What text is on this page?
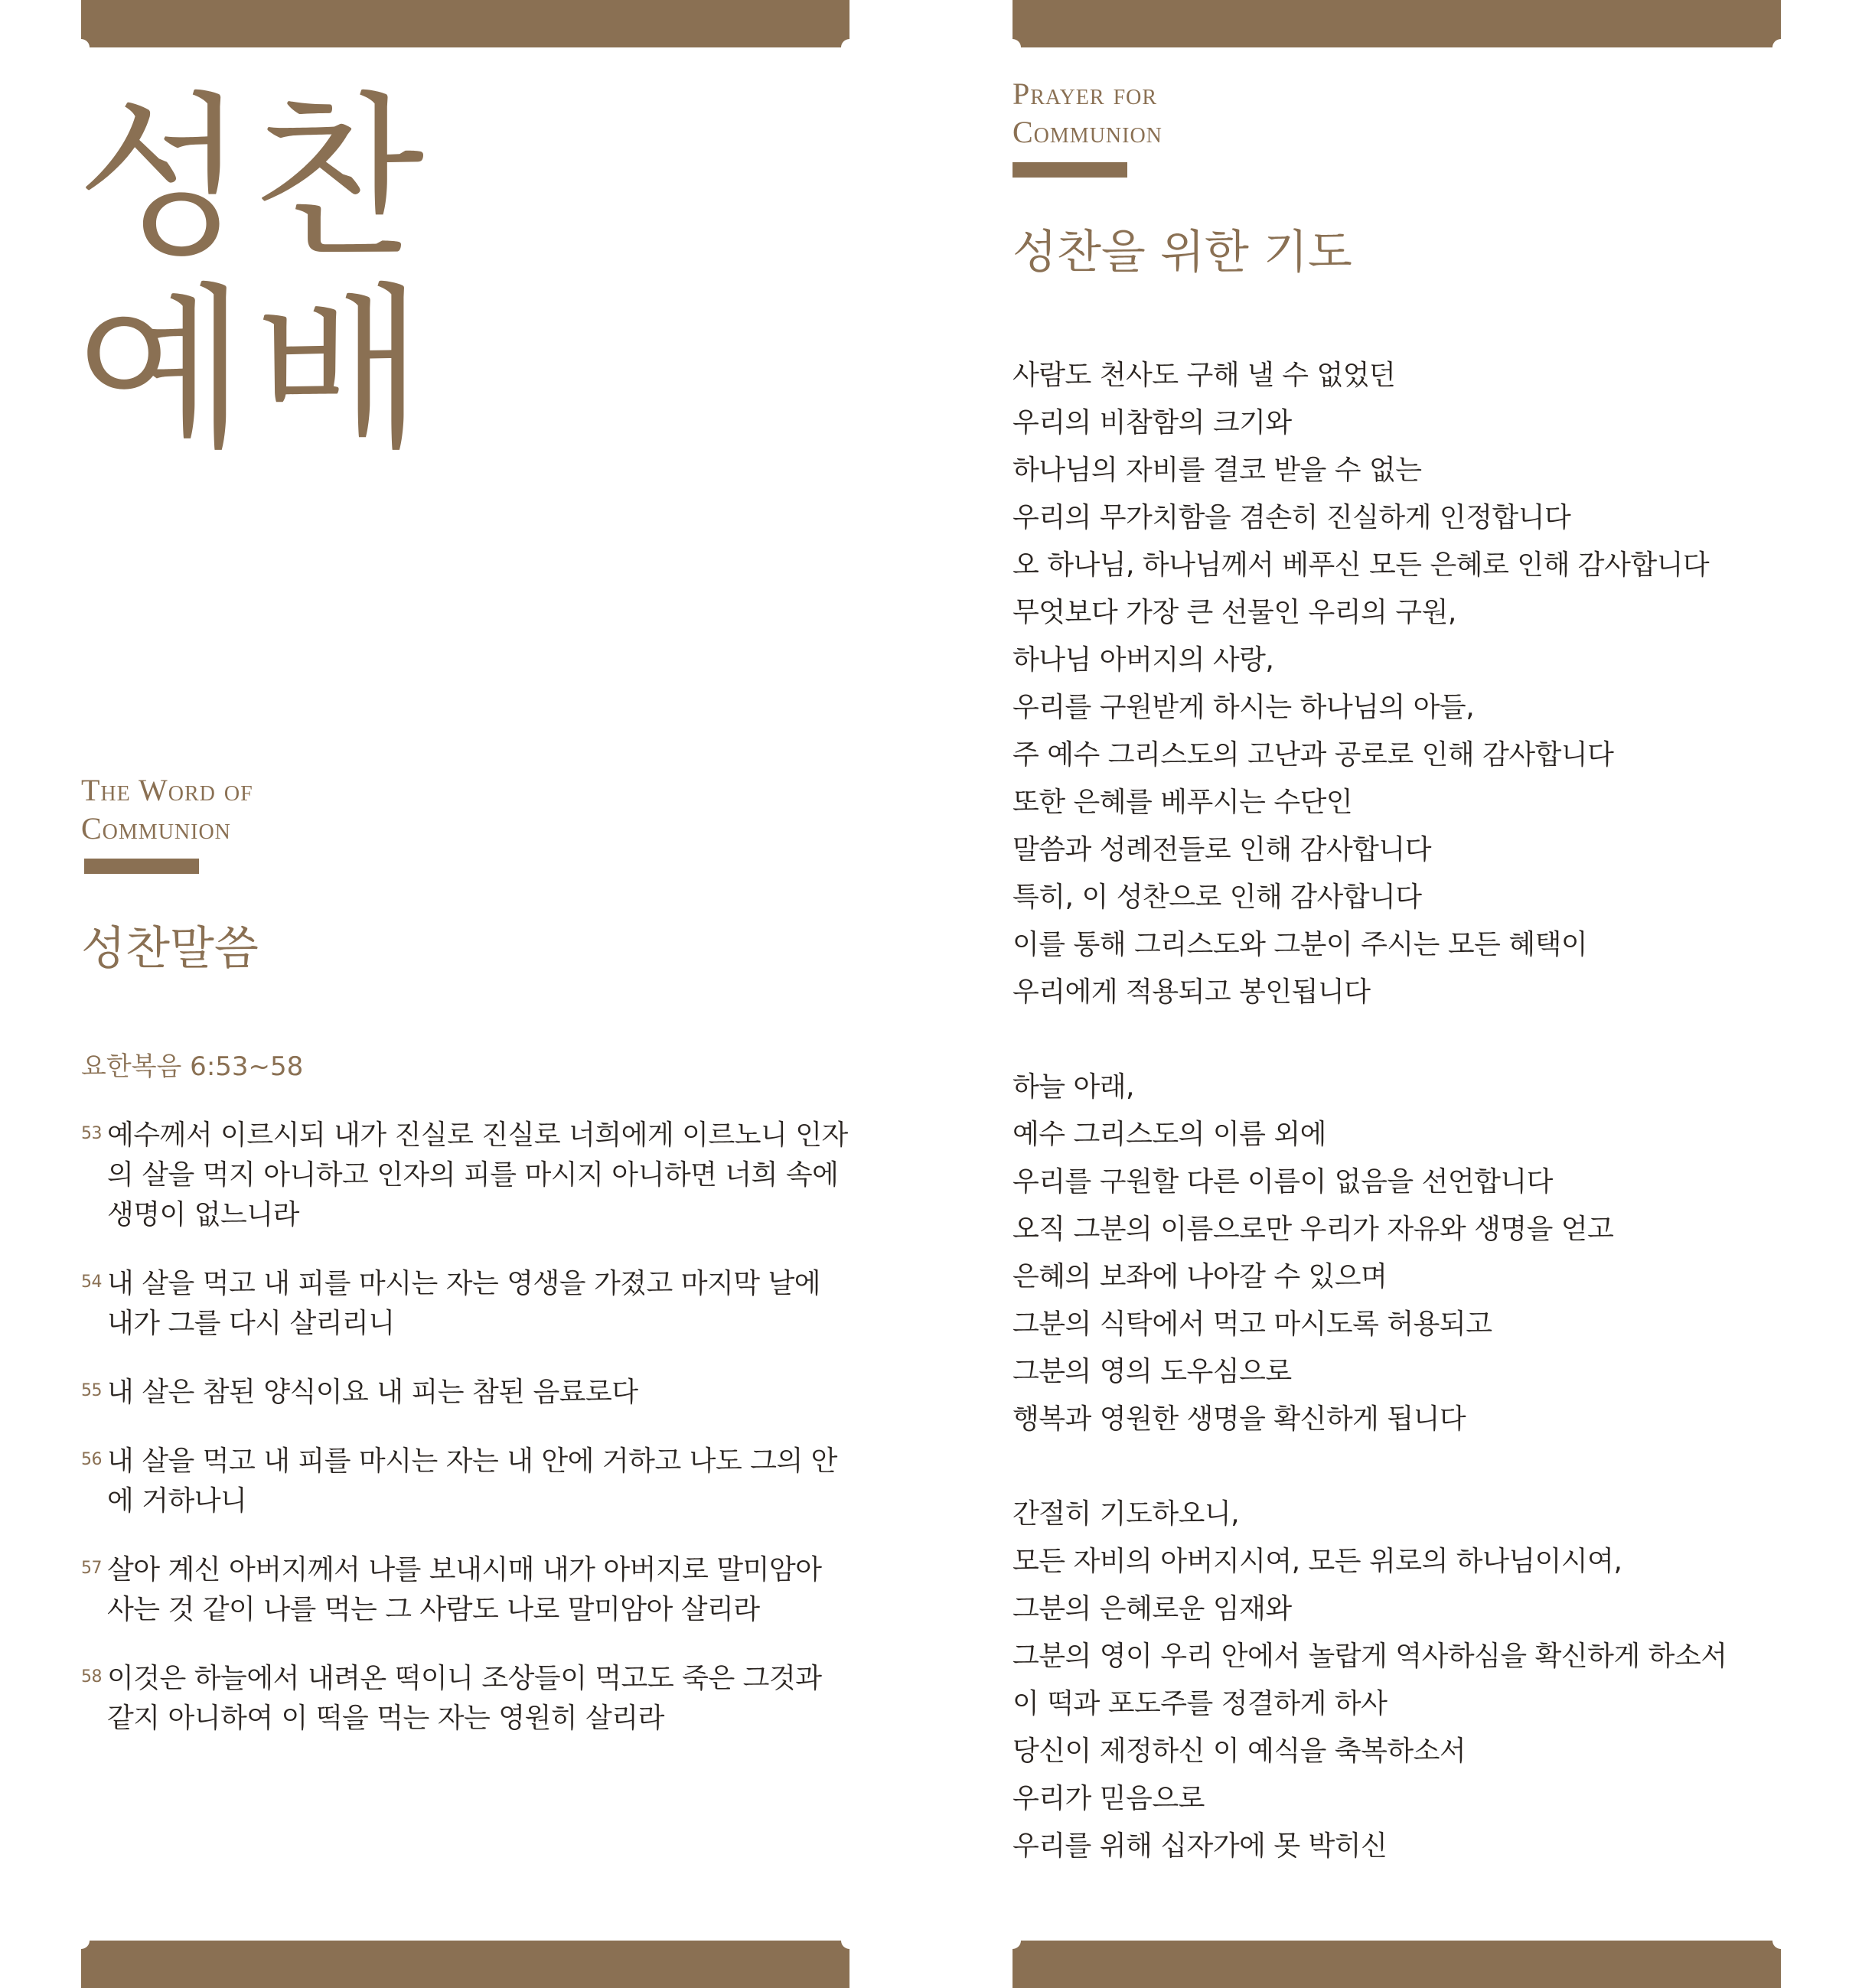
성찬
예배
The Word of
Communion
성찬말씀
요한복음 6:53~58
53 예수께서 이르시되 내가 진실로 진실로 너희에게 이르노니 인자의 살을 먹지 아니하고 인자의 피를 마시지 아니하면 너희 속에 생명이 없느니라
54 내 살을 먹고 내 피를 마시는 자는 영생을 가졌고 마지막 날에 내가 그를 다시 살리리니
55 내 살은 참된 양식이요 내 피는 참된 음료로다
56 내 살을 먹고 내 피를 마시는 자는 내 안에 거하고 나도 그의 안에 거하나니
57 살아 계신 아버지께서 나를 보내시매 내가 아버지로 말미암아 사는 것 같이 나를 먹는 그 사람도 나로 말미암아 살리라
58 이것은 하늘에서 내려온 떡이니 조상들이 먹고도 죽은 그것과 같지 아니하여 이 떡을 먹는 자는 영원히 살리라
Prayer for
Communion
성찬을 위한 기도
사람도 천사도 구해 낼 수 없었던
우리의 비참함의 크기와
하나님의 자비를 결코 받을 수 없는
우리의 무가치함을 겸손히 진실하게 인정합니다
오 하나님, 하나님께서 베푸신 모든 은혜로 인해 감사합니다
무엇보다 가장 큰 선물인 우리의 구원,
하나님 아버지의 사랑,
우리를 구원받게 하시는 하나님의 아들,
주 예수 그리스도의 고난과 공로로 인해 감사합니다
또한 은혜를 베푸시는 수단인
말씀과 성례전들로 인해 감사합니다
특히, 이 성찬으로 인해 감사합니다
이를 통해 그리스도와 그분이 주시는 모든 혜택이
우리에게 적용되고 봉인됩니다
하늘 아래,
예수 그리스도의 이름 외에
우리를 구원할 다른 이름이 없음을 선언합니다
오직 그분의 이름으로만 우리가 자유와 생명을 얻고
은혜의 보좌에 나아갈 수 있으며
그분의 식탁에서 먹고 마시도록 허용되고
그분의 영의 도우심으로
행복과 영원한 생명을 확신하게 됩니다
간절히 기도하오니,
모든 자비의 아버지시여, 모든 위로의 하나님이시여,
그분의 은혜로운 임재와
그분의 영이 우리 안에서 놀랍게 역사하심을 확신하게 하소서
이 떡과 포도주를 정결하게 하사
당신이 제정하신 이 예식을 축복하소서
우리가 믿음으로
우리를 위해 십자가에 못 박히신
